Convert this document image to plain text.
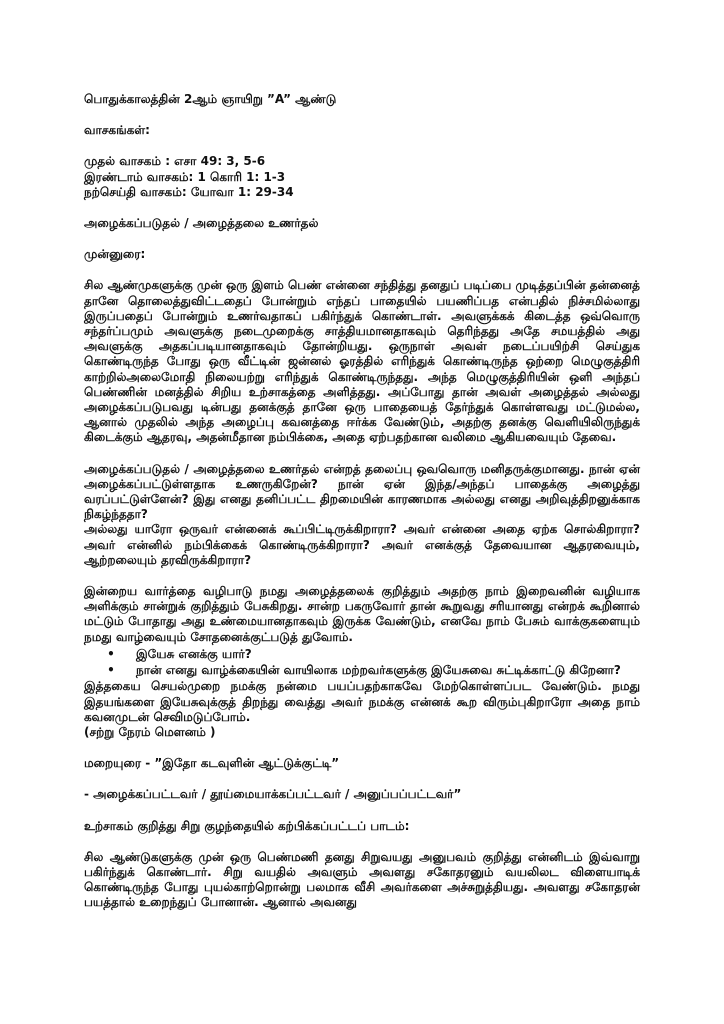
பொதுக்காலத்தின் 2ஆம் ஞாயிறு ”A” ஆண்டு

வாசகங்கள்:

முதல் வாசகம் : எசா 49: 3, 5-6

இரண்டாம் வாசகம்: 1 கொரி 1: 1-3

நற்செய்தி வாசகம்: யோவா 1: 29-34

அழைக்கப்படுதல் / அழைத்தலை உணர்தல்

முன்னுரை:

சில ஆண்முகளுக்கு முன் ஒரு இளம் பெண் என்னை சந்தித்து தனதுப் படிப்பை முடித்தப்பின் தன்னைத் தானே தொலைத்துவிட்டதைப் போன்றும் எந்தப் பாதையில் பயணிப்பத என்பதில் நிச்சமில்லாது இருப்பதைப் போன்றும் உணர்வதாகப் பகிர்ந்துக் கொண்டாள். அவளுக்கக் கிடைத்த ஒவ்வொரு சந்தர்ப்பமும் அவளுக்கு நடைமுறைக்கு சாத்தியமானதாகவும் தெரிந்தது அதே சமயத்தில் அது அவளுக்கு அதகப்படியானதாகவும் தோன்றியது. ஒருநாள் அவள் நடைப்பயிற்சி செய்துக கொண்டிருந்த போது ஒரு வீட்டின் ஜன்னல் ஓரத்தில் எரிந்துக் கொண்டிருந்த ஒற்றை மெழுகுத்திரி காற்றில்அலைமோதி நிலையற்று எரிந்துக் கொண்டிருந்தது. அந்த மெழுகுத்திரியின் ஒளி அந்தப் பெண்ணின் மனத்தில் சிறிய உற்சாகத்தை அளித்தது. அப்போது தான் அவள் அழைத்தல் அல்லது அழைக்கப்படுபவது டின்பது தனக்குத் தானே ஒரு பாதையைத் தேர்ந்துக் கொள்ளவது மட்டுமல்ல, ஆனால் முதலில் அந்த அழைப்பு கவனத்தை ஈர்க்க வேண்டும், அதற்கு தனக்கு வெளியிலிருந்துக் கிடைக்கும் ஆதரவு, அதன்மீதான நம்பிக்கை, அதை ஏற்பதற்கான வலிமை ஆகியவையும் தேவை.

அழைக்கப்படுதல் / அழைத்தலை உணர்தல் என்றத் தலைப்பு ஒவவொரு மனிதருக்குமானது. நான் ஏன் அழைக்கப்பட்டுள்ளதாக உணருகிறேன்? நான் ஏன் இந்த/அந்தப் பாதைக்கு அழைத்து வரப்பட்டுள்ளேன்? இது எனது தனிப்பட்ட திறமையின் காரணமாக அல்லது எனது அறிவுத்திறனுக்காக நிகழ்ந்ததா?

அல்லது யாரோ ஒருவர் என்னைக் கூப்பிட்டிருக்கிறாரா? அவர் என்னை அதை ஏற்க சொல்கிறாரா? அவர் என்னில் நம்பிக்கைக் கொண்டிருக்கிறாரா? அவர் எனக்குத் தேவையான ஆதரவையும், ஆற்றலையும் தரவிருக்கிறாரா?

இன்றைய வார்த்தை வழிபாடு நமது அழைத்தலைக் குறித்தும் அதற்கு நாம் இறைவனின் வழியாக அளிக்கும் சான்றுக் குறித்தும் பேசுகிறது. சான்ற பகருவோர் தான் கூறுவது சரியானது என்றக் கூறினால் மட்டும் போதாது அது உண்மையானதாகவும் இருக்க வேண்டும், எனவே நாம் பேசும் வாக்குகளையும் நமது வாழ்வையும் சோதனைக்குட்படுத் துவோம்.

• இயேசு எனக்கு யார்?
• நான் எனது வாழ்க்கையின் வாயிலாக மற்றவர்களுக்கு இயேசுவை சுட்டிக்காட்டு கிறேனா?

இத்தகைய செயல்முறை நமக்கு நன்மை பயப்பதற்காகவே மேற்கொள்ளப்பட வேண்டும். நமது இதயங்களை இயேசுவுக்குத் திறந்து வைத்து அவர் நமக்கு என்னக் கூற விரும்புகிறாரோ அதை நாம் கவனமுடன் செவிமடுப்போம்.

(சற்று நேரம் மௌனம் )

மறையுரை - ”இதோ கடவுளின் ஆட்டுக்குட்டி”

- அழைக்கப்பட்டவர் / தூய்மையாக்கப்பட்டவர் / அனுப்பப்பட்டவர்”

உற்சாகம் குறித்து சிறு குழந்தையில் கற்பிக்கப்பட்டப் பாடம்:

சில ஆண்டுகளுக்கு முன் ஒரு பெண்மணி தனது சிறுவயது அனுபவம் குறித்து என்னிடம் இவ்வாறு பகிர்ந்துக் கொண்டார். சிறு வயதில் அவளும் அவளது சகோதரனும் வயலிலட விளையாடிக் கொண்டிருந்த போது புயல்காற்றொன்று பலமாக வீசி அவர்களை அச்சுறுத்தியது. அவளது சகோதரன் பயத்தால் உறைந்துப் போனான். ஆனால் அவனது
